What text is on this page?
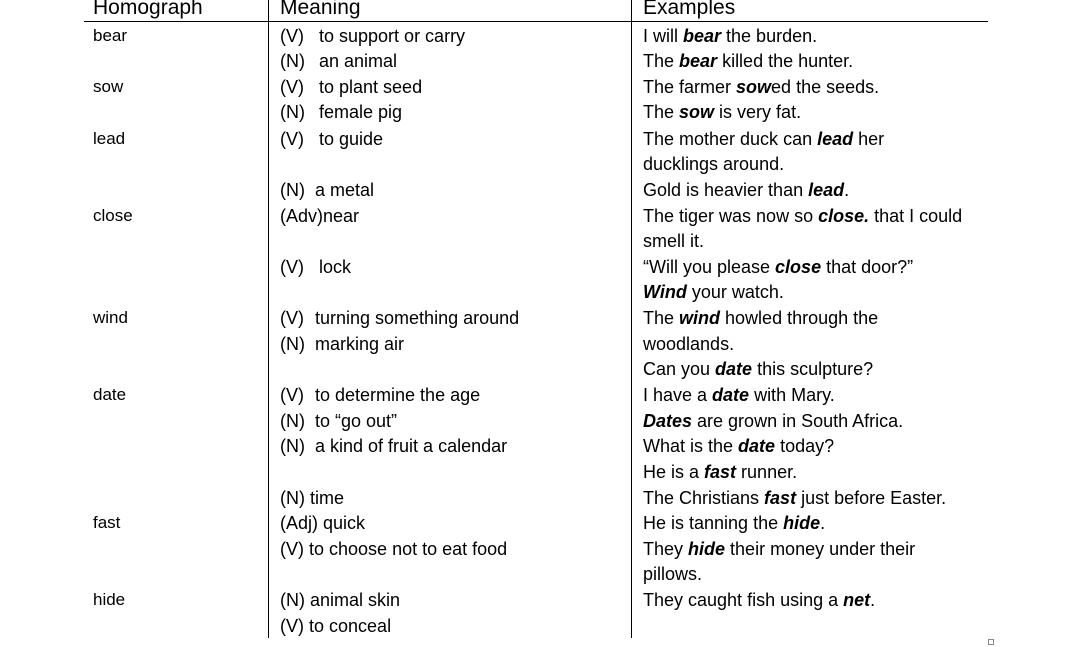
Homograph	Meaning	Examples
bear
sow
lead
close
wind
date
fast
hide
(V) to support or carry
(N) an animal
(V) to plant seed
(N) female pig
(V) to guide
(N) a metal
(Adv)near
(V) lock
(V) turning something around
(N) marking air
(V) to determine the age
(N) to “go out”
(N) a kind of fruit a calendar
(N) time
(Adj) quick
(V) to choose not to eat food
(N) animal skin
(V) to conceal
I will bear the burden.
The bear killed the hunter.
The farmer sowed the seeds.
The sow is very fat.
The mother duck can lead her
ducklings around.
Gold is heavier than lead.
The tiger was now so close. that I could
smell it.
“Will you please close that door?”
Wind your watch.
The wind howled through the
woodlands.
Can you date this sculpture?
I have a date with Mary.
Dates are grown in South Africa.
What is the date today?
He is a fast runner.
The Christians fast just before Easter.
He is tanning the hide.
They hide their money under their
pillows.
They caught fish using a net.
